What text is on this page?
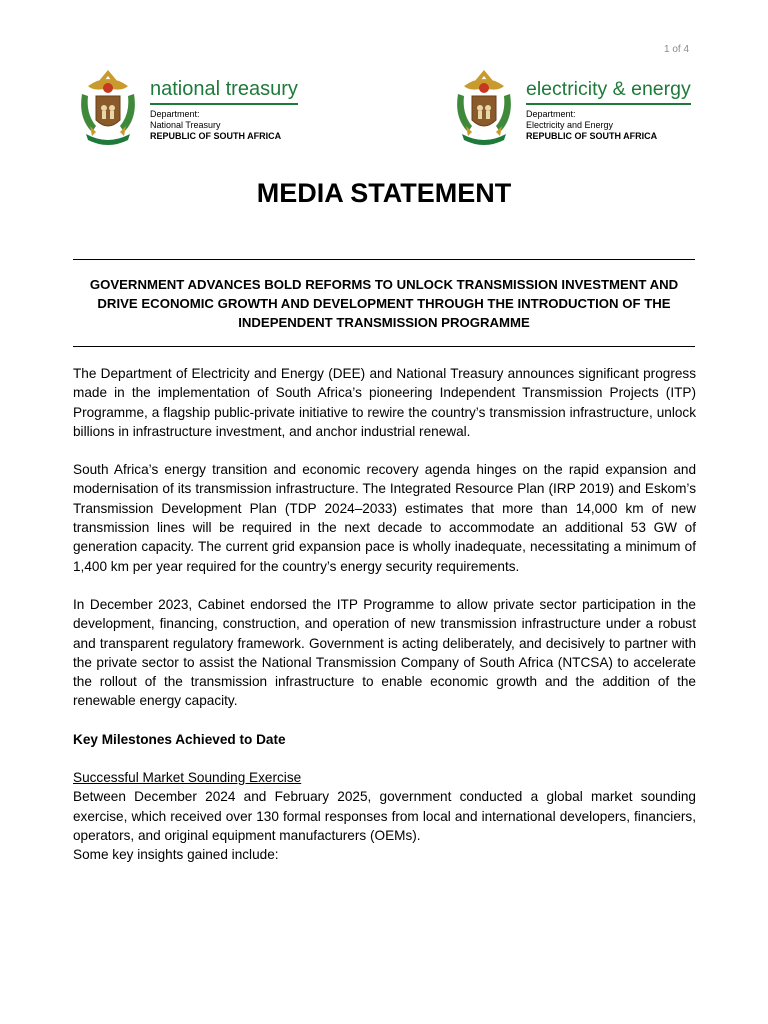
1 of 4
national treasury
Department:
National Treasury
REPUBLIC OF SOUTH AFRICA
electricity & energy
Department:
Electricity and Energy
REPUBLIC OF SOUTH AFRICA
MEDIA STATEMENT
GOVERNMENT ADVANCES BOLD REFORMS TO UNLOCK TRANSMISSION INVESTMENT AND DRIVE ECONOMIC GROWTH AND DEVELOPMENT THROUGH THE INTRODUCTION OF THE INDEPENDENT TRANSMISSION PROGRAMME

The Department of Electricity and Energy (DEE) and National Treasury announces significant progress made in the implementation of South Africa’s pioneering Independent Transmission Projects (ITP) Programme, a flagship public-private initiative to rewire the country’s transmission infrastructure, unlock billions in infrastructure investment, and anchor industrial renewal.

South Africa’s energy transition and economic recovery agenda hinges on the rapid expansion and modernisation of its transmission infrastructure. The Integrated Resource Plan (IRP 2019) and Eskom’s Transmission Development Plan (TDP 2024–2033) estimates that more than 14,000 km of new transmission lines will be required in the next decade to accommodate an additional 53 GW of generation capacity. The current grid expansion pace is wholly inadequate, necessitating a minimum of 1,400 km per year required for the country’s energy security requirements.

In December 2023, Cabinet endorsed the ITP Programme to allow private sector participation in the development, financing, construction, and operation of new transmission infrastructure under a robust and transparent regulatory framework. Government is acting deliberately, and decisively to partner with the private sector to assist the National Transmission Company of South Africa (NTCSA) to accelerate the rollout of the transmission infrastructure to enable economic growth and the addition of the renewable energy capacity.

Key Milestones Achieved to Date

Successful Market Sounding Exercise

Between December 2024 and February 2025, government conducted a global market sounding exercise, which received over 130 formal responses from local and international developers, financiers, operators, and original equipment manufacturers (OEMs).

Some key insights gained include:
